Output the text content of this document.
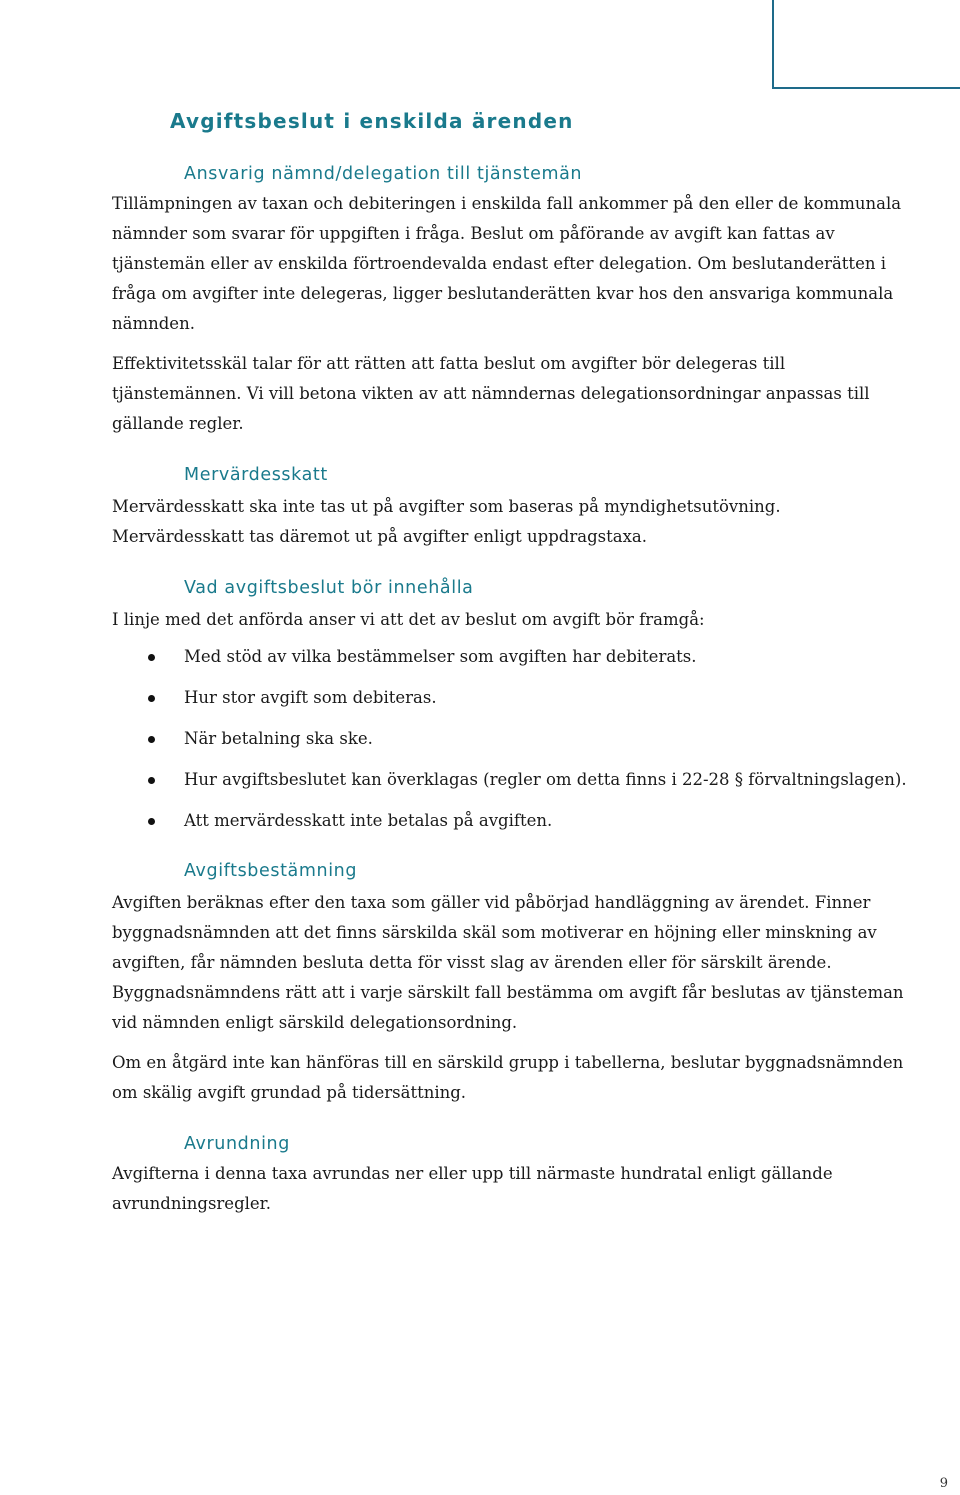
Avgiftsbeslut i enskilda ärenden
Ansvarig nämnd/delegation till tjänstemän

Tillämpningen av taxan och debiteringen i enskilda fall ankommer på den eller de kommunala nämnder som svarar för uppgiften i fråga. Beslut om påförande av avgift kan fattas av tjänstemän eller av enskilda förtroendevalda endast efter delegation. Om beslutanderätten i fråga om avgifter inte delegeras, ligger beslutanderätten kvar hos den ansvariga kommunala nämnden.

Effektivitetsskäl talar för att rätten att fatta beslut om avgifter bör delegeras till tjänstemännen. Vi vill betona vikten av att nämndernas delegationsordningar anpassas till gällande regler.

Mervärdesskatt

Mervärdesskatt ska inte tas ut på avgifter som baseras på myndighetsutövning. Mervärdesskatt tas däremot ut på avgifter enligt uppdragstaxa.

Vad avgiftsbeslut bör innehålla

I linje med det anförda anser vi att det av beslut om avgift bör framgå:

Med stöd av vilka bestämmelser som avgiften har debiterats.
Hur stor avgift som debiteras.
När betalning ska ske.
Hur avgiftsbeslutet kan överklagas (regler om detta finns i 22-28 § förvaltningslagen).
Att mervärdesskatt inte betalas på avgiften.
Avgiftsbestämning

Avgiften beräknas efter den taxa som gäller vid påbörjad handläggning av ärendet. Finner byggnadsnämnden att det finns särskilda skäl som motiverar en höjning eller minskning av avgiften, får nämnden besluta detta för visst slag av ärenden eller för särskilt ärende. Byggnadsnämndens rätt att i varje särskilt fall bestämma om avgift får beslutas av tjänsteman vid nämnden enligt särskild delegationsordning.

Om en åtgärd inte kan hänföras till en särskild grupp i tabellerna, beslutar byggnadsnämnden om skälig avgift grundad på tidersättning.

Avrundning

Avgifterna i denna taxa avrundas ner eller upp till närmaste hundratal enligt gällande avrundningsregler.

9
